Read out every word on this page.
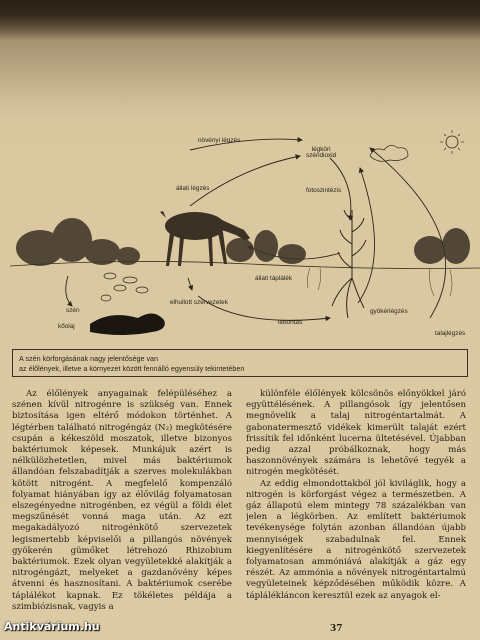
növényi légzés
légköri
széndioxid
állati légzés	fotoszintézis
elhullott szervezetek
állati táplálék
szén
kőolaj
gyökérlégzés
lebontás
talajlégzés
A szén körforgásának nagy jelentősége van
az élőlények, illetve a környezet között fennálló egyensúly tekintetében

Az élőlények anyagainak felépüléséhez a szénen kívül nitrogénre is szükség van. Ennek biztosítása igen eltérő módokon történhet. A légtérben található nitrogéngáz (N₂) megkötésére csupán a kékeszöld moszatok, illetve bizonyos baktériumok képesek. Munkájuk azért is nélkülözhetetlen, mivel más baktériumok állandóan felszabadítják a szerves molekulákban kötött nitrogént. A megfelelő kompenzáló folyamat hiányában így az élővilág folyamatosan elszegényedne nitrogénben, ez végül a földi élet megszűnését vonná maga után. Az ezt megakadályozó nitrogénkötő szervezetek legismertebb képviselői a pillangós növények gyökerén gümőket létrehozó Rhizobium baktériumok. Ezek olyan vegyületekké alakítják a nitrogéngázt, melyeket a gazdanövény képes átvenni és hasznosítani. A baktériumok cserébe táplálékot kapnak. Ez tökéletes példája a szimbiózisnak, vagyis a

különféle élőlények kölcsönös előnyökkel járó együttélésének. A pillangósok így jelentősen megnövelik a talaj nitrogéntartalmát. A gabonatermesztő vidékek kimerült talaját ezért frissítik fel időnként lucerna ültetésével. Újabban pedig azzal próbálkoznak, hogy más haszonnövények számára is lehetővé tegyék a nitrogén megkötését.

Az eddig elmondottakból jól kiviláglik, hogy a nitrogén is körforgást végez a természetben. A gáz állapotú elem mintegy 78 százalékban van jelen a légkörben. Az említett baktériumok tevékenysége folytán azonban állandóan újabb mennyiségek szabadulnak fel. Ennek kiegyenlítésére a nitrogénkötő szervezetek folyamatosan ammóniává alakítják a gáz egy részét. Az ammónia a növények nitrogéntartalmú vegyületeinek képződésében működik közre. A táplálékláncon keresztül ezek az anyagok el-

37
Antikvárium.hu
